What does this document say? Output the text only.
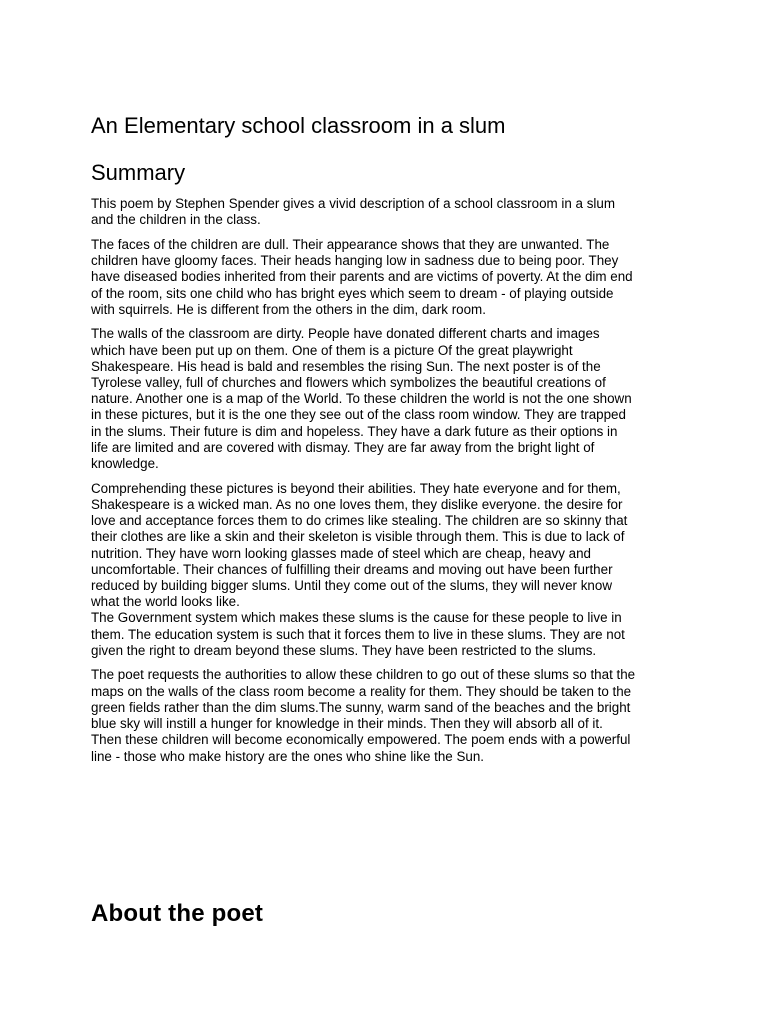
An Elementary school classroom in a slum
Summary

This poem by Stephen Spender gives a vivid description of a school classroom in a slum
and the children in the class.

The faces of the children are dull. Their appearance shows that they are unwanted. The
children have gloomy faces. Their heads hanging low in sadness due to being poor. They
have diseased bodies inherited from their parents and are victims of poverty. At the dim end
of the room, sits one child who has bright eyes which seem to dream - of playing outside
with squirrels. He is different from the others in the dim, dark room.

The walls of the classroom are dirty. People have donated different charts and images
which have been put up on them. One of them is a picture Of the great playwright
Shakespeare. His head is bald and resembles the rising Sun. The next poster is of the
Tyrolese valley, full of churches and flowers which symbolizes the beautiful creations of
nature. Another one is a map of the World. To these children the world is not the one shown
in these pictures, but it is the one they see out of the class room window. They are trapped
in the slums. Their future is dim and hopeless. They have a dark future as their options in
life are limited and are covered with dismay. They are far away from the bright light of
knowledge.

Comprehending these pictures is beyond their abilities. They hate everyone and for them,
Shakespeare is a wicked man. As no one loves them, they dislike everyone. the desire for
love and acceptance forces them to do crimes like stealing. The children are so skinny that
their clothes are like a skin and their skeleton is visible through them. This is due to lack of
nutrition. They have worn looking glasses made of steel which are cheap, heavy and
uncomfortable. Their chances of fulfilling their dreams and moving out have been further
reduced by building bigger slums. Until they come out of the slums, they will never know
what the world looks like.
The Government system which makes these slums is the cause for these people to live in
them. The education system is such that it forces them to live in these slums. They are not
given the right to dream beyond these slums. They have been restricted to the slums.

The poet requests the authorities to allow these children to go out of these slums so that the
maps on the walls of the class room become a reality for them. They should be taken to the
green fields rather than the dim slums.The sunny, warm sand of the beaches and the bright
blue sky will instill a hunger for knowledge in their minds. Then they will absorb all of it.
Then these children will become economically empowered. The poem ends with a powerful
line - those who make history are the ones who shine like the Sun.

About the poet
